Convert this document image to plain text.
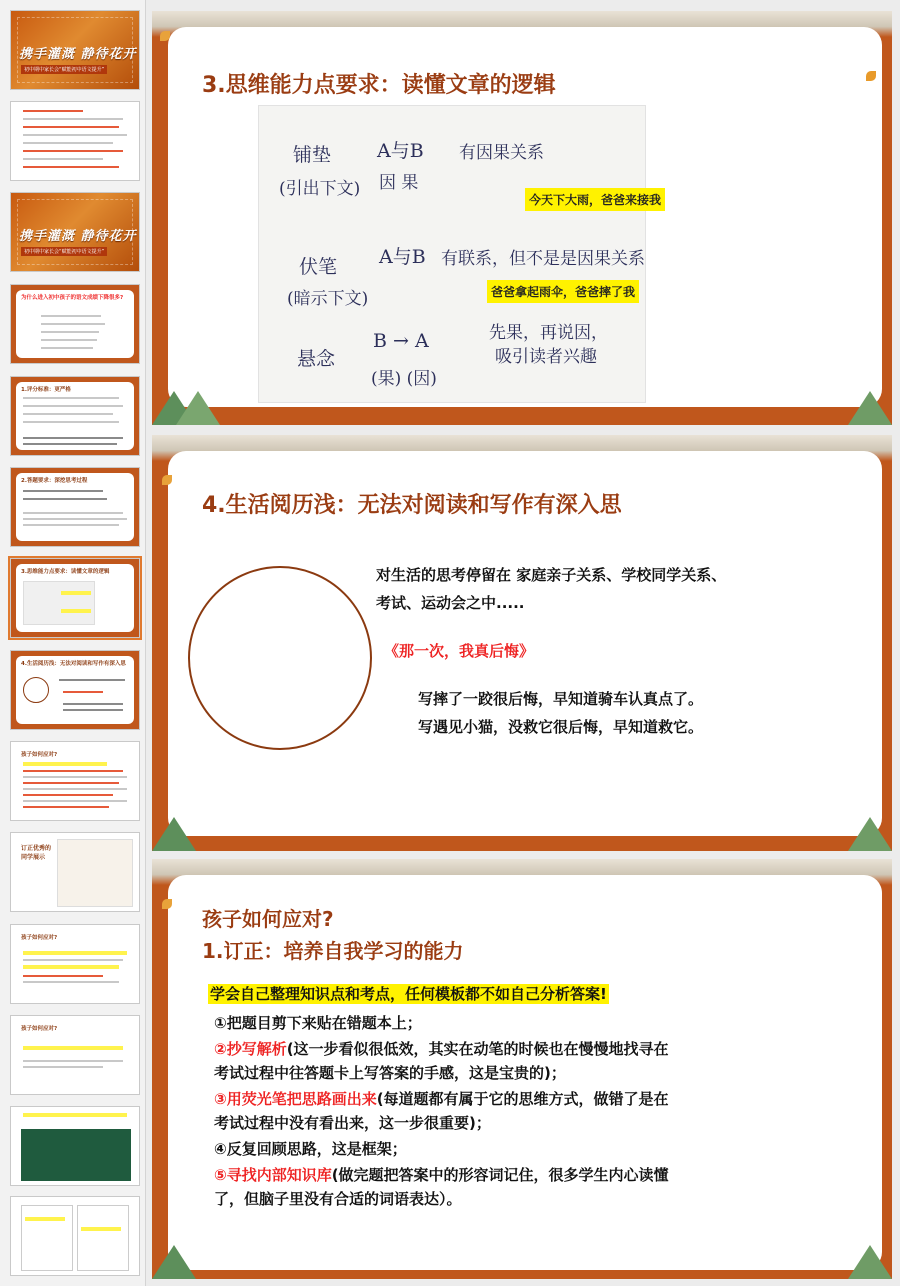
携手灌溉 静待花开
初中期中家长会“赋能初中语文提升”
携手灌溉 静待花开
初中期中家长会“赋能初中语文提升”
为什么进入初中孩子的语文成绩下降很多?
1.评分标准：更严格
2.答题要求：深挖思考过程
3.思维能力点要求：读懂文章的逻辑
4.生活阅历浅：无法对阅读和写作有深入思
孩子如何应对?
订正优秀的同学展示
孩子如何应对?
孩子如何应对?
3.思维能力点要求：读懂文章的逻辑
铺垫 A与B 有因果关系
(引出下文) 因 果
今天下大雨，爸爸来接我
伏笔 A与B 有联系，但不是是因果关系
(暗示下文)	爸爸拿起雨伞，爸爸摔了我
悬念
B → A
(果) (因)
先果，再说因，
吸引读者兴趣
4.生活阅历浅：无法对阅读和写作有深入思
对生活的思考停留在 家庭亲子关系、学校同学关系、
考试、运动会之中.....
《那一次，我真后悔》
写摔了一跤很后悔，早知道骑车认真点了。
写遇见小猫，没救它很后悔，早知道救它。
孩子如何应对?
1.订正：培养自我学习的能力
学会自己整理知识点和考点，任何模板都不如自己分析答案!
①把题目剪下来贴在错题本上；
②抄写解析(这一步看似很低效，其实在动笔的时候也在慢慢地找寻在
考试过程中往答题卡上写答案的手感，这是宝贵的)；
③用荧光笔把思路画出来(每道题都有属于它的思维方式，做错了是在
考试过程中没有看出来，这一步很重要)；
④反复回顾思路，这是框架；
⑤寻找内部知识库(做完题把答案中的形容词记住，很多学生内心读懂
了，但脑子里没有合适的词语表达）。
